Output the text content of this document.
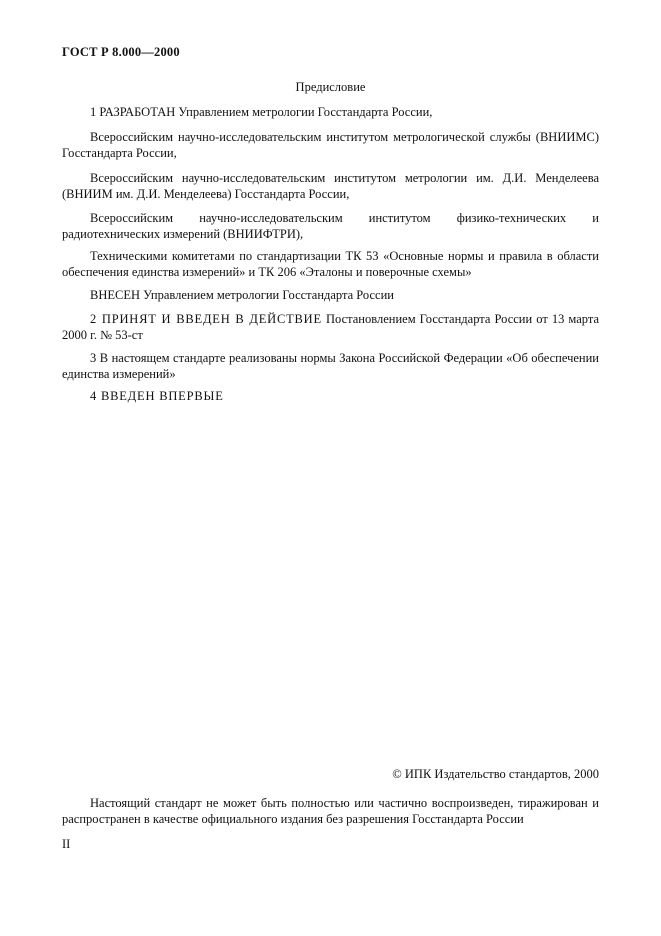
ГОСТ Р 8.000—2000
Предисловие
1 РАЗРАБОТАН Управлением метрологии Госстандарта России,
Всероссийским научно-исследовательским институтом метрологической службы (ВНИИМС) Госстандарта России,
Всероссийским научно-исследовательским институтом метрологии им. Д.И. Менделеева (ВНИИМ им. Д.И. Менделеева) Госстандарта России,
Всероссийским научно-исследовательским институтом физико-технических и радиотехнических измерений (ВНИИФТРИ),
Техническими комитетами по стандартизации ТК 53 «Основные нормы и правила в области обеспечения единства измерений» и ТК 206 «Эталоны и поверочные схемы»
ВНЕСЕН Управлением метрологии Госстандарта России
2 ПРИНЯТ И ВВЕДЕН В ДЕЙСТВИЕ Постановлением Госстандарта России от 13 марта 2000 г. № 53-ст
3 В настоящем стандарте реализованы нормы Закона Российской Федерации «Об обеспечении единства измерений»
4 ВВЕДЕН ВПЕРВЫЕ
© ИПК Издательство стандартов, 2000
Настоящий стандарт не может быть полностью или частично воспроизведен, тиражирован и распространен в качестве официального издания без разрешения Госстандарта России
II
